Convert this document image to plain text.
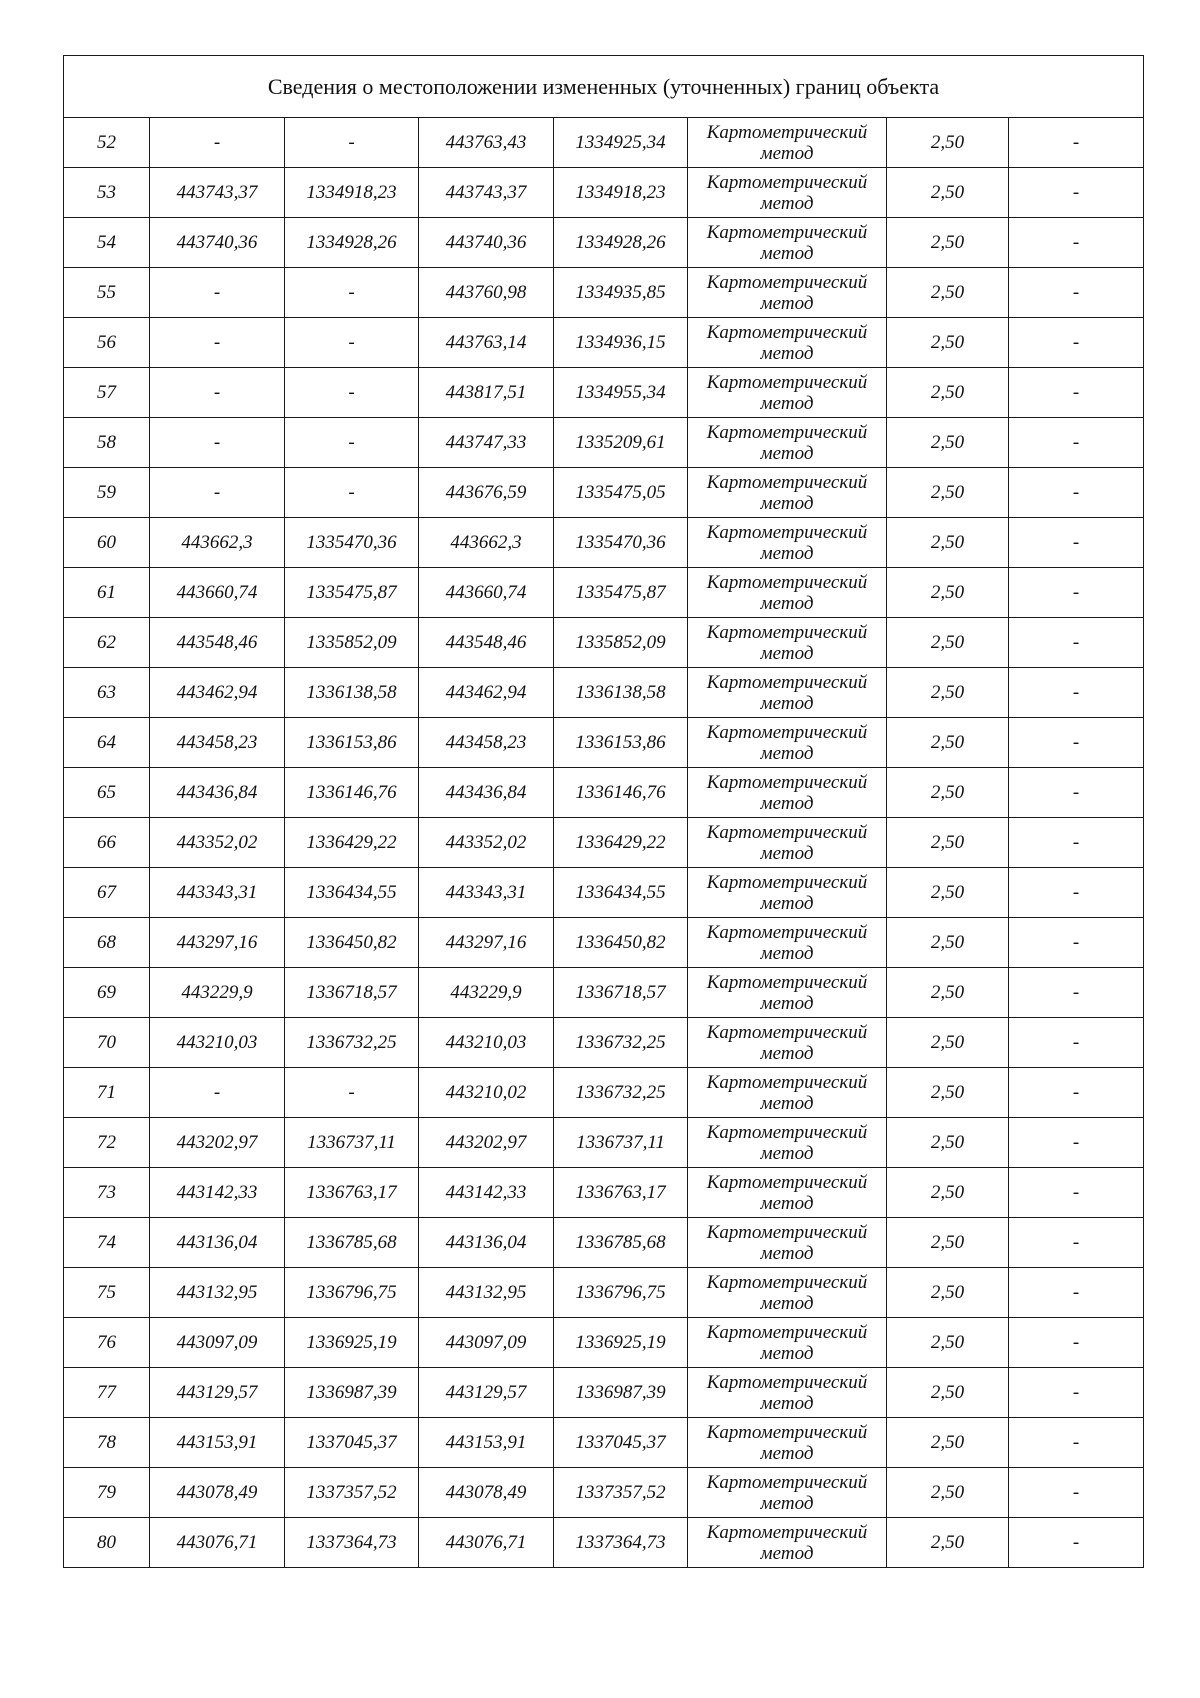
Сведения о местоположении измененных (уточненных) границ объекта							
52	-	-	443763,43	1334925,34	Картометрический метод	2,50	-
53	443743,37	1334918,23	443743,37	1334918,23	Картометрический метод	2,50	-
54	443740,36	1334928,26	443740,36	1334928,26	Картометрический метод	2,50	-
55	-	-	443760,98	1334935,85	Картометрический метод	2,50	-
56	-	-	443763,14	1334936,15	Картометрический метод	2,50	-
57	-	-	443817,51	1334955,34	Картометрический метод	2,50	-
58	-	-	443747,33	1335209,61	Картометрический метод	2,50	-
59	-	-	443676,59	1335475,05	Картометрический метод	2,50	-
60	443662,3	1335470,36	443662,3	1335470,36	Картометрический метод	2,50	-
61	443660,74	1335475,87	443660,74	1335475,87	Картометрический метод	2,50	-
62	443548,46	1335852,09	443548,46	1335852,09	Картометрический метод	2,50	-
63	443462,94	1336138,58	443462,94	1336138,58	Картометрический метод	2,50	-
64	443458,23	1336153,86	443458,23	1336153,86	Картометрический метод	2,50	-
65	443436,84	1336146,76	443436,84	1336146,76	Картометрический метод	2,50	-
66	443352,02	1336429,22	443352,02	1336429,22	Картометрический метод	2,50	-
67	443343,31	1336434,55	443343,31	1336434,55	Картометрический метод	2,50	-
68	443297,16	1336450,82	443297,16	1336450,82	Картометрический метод	2,50	-
69	443229,9	1336718,57	443229,9	1336718,57	Картометрический метод	2,50	-
70	443210,03	1336732,25	443210,03	1336732,25	Картометрический метод	2,50	-
71	-	-	443210,02	1336732,25	Картометрический метод	2,50	-
72	443202,97	1336737,11	443202,97	1336737,11	Картометрический метод	2,50	-
73	443142,33	1336763,17	443142,33	1336763,17	Картометрический метод	2,50	-
74	443136,04	1336785,68	443136,04	1336785,68	Картометрический метод	2,50	-
75	443132,95	1336796,75	443132,95	1336796,75	Картометрический метод	2,50	-
76	443097,09	1336925,19	443097,09	1336925,19	Картометрический метод	2,50	-
77	443129,57	1336987,39	443129,57	1336987,39	Картометрический метод	2,50	-
78	443153,91	1337045,37	443153,91	1337045,37	Картометрический метод	2,50	-
79	443078,49	1337357,52	443078,49	1337357,52	Картометрический метод	2,50	-
80	443076,71	1337364,73	443076,71	1337364,73	Картометрический метод	2,50	-
